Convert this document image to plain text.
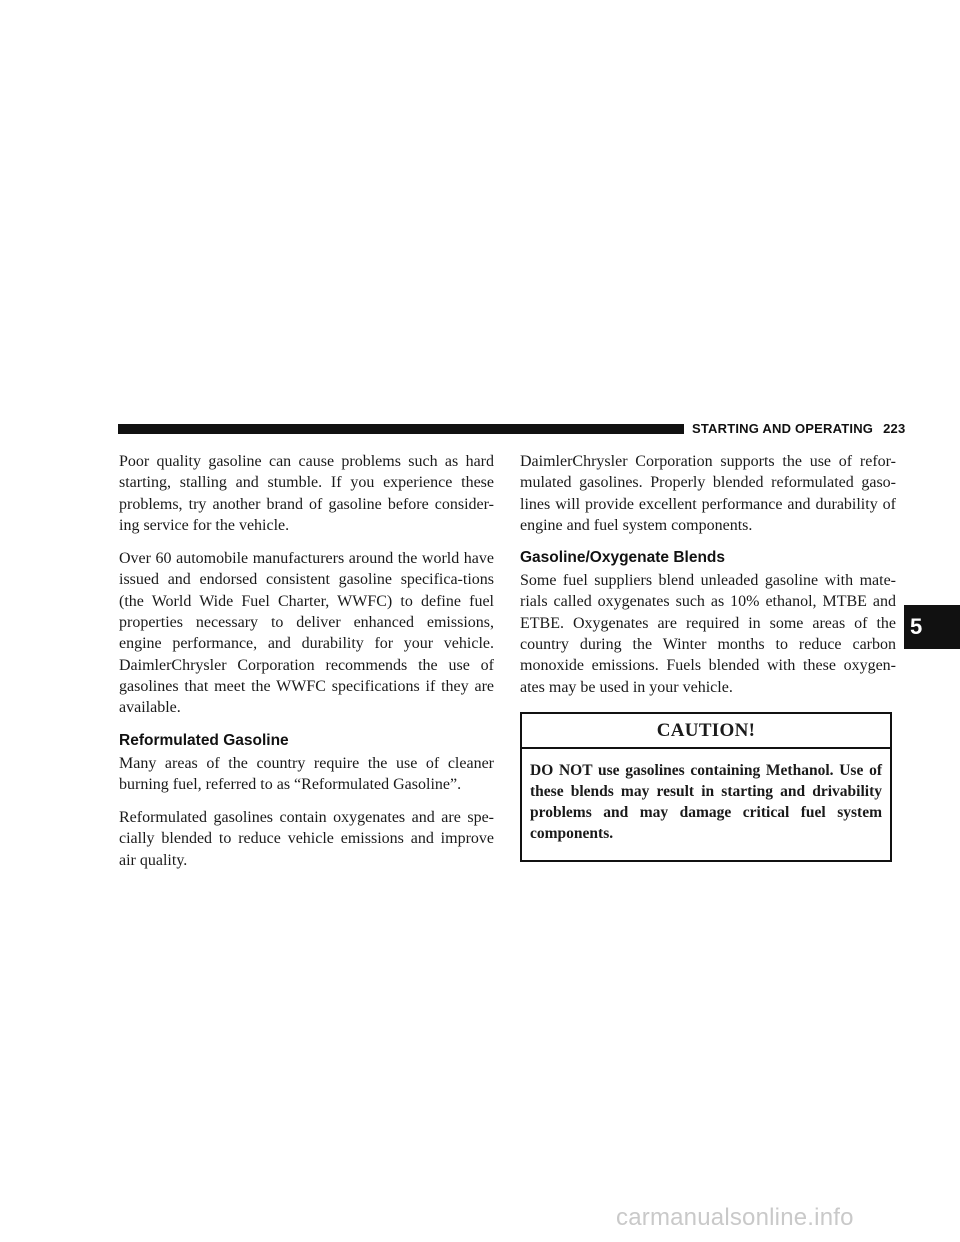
STARTING AND OPERATING 223

Poor quality gasoline can cause problems such as hard starting, stalling and stumble. If you experience these problems, try another brand of gasoline before consider-ing service for the vehicle.

Over 60 automobile manufacturers around the world have issued and endorsed consistent gasoline specifica-tions (the World Wide Fuel Charter, WWFC) to define fuel properties necessary to deliver enhanced emissions, engine performance, and durability for your vehicle. DaimlerChrysler Corporation recommends the use of gasolines that meet the WWFC specifications if they are available.

Reformulated Gasoline

Many areas of the country require the use of cleaner burning fuel, referred to as “Reformulated Gasoline”.

Reformulated gasolines contain oxygenates and are spe-cially blended to reduce vehicle emissions and improve air quality.

DaimlerChrysler Corporation supports the use of refor-mulated gasolines. Properly blended reformulated gaso-lines will provide excellent performance and durability of engine and fuel system components.

Gasoline/Oxygenate Blends

Some fuel suppliers blend unleaded gasoline with mate-rials called oxygenates such as 10% ethanol, MTBE and ETBE. Oxygenates are required in some areas of the country during the Winter months to reduce carbon monoxide emissions. Fuels blended with these oxygen-ates may be used in your vehicle.

CAUTION!
DO NOT use gasolines containing Methanol. Use of these blends may result in starting and drivability problems and may damage critical fuel system components.
5
carmanualsonline.info
